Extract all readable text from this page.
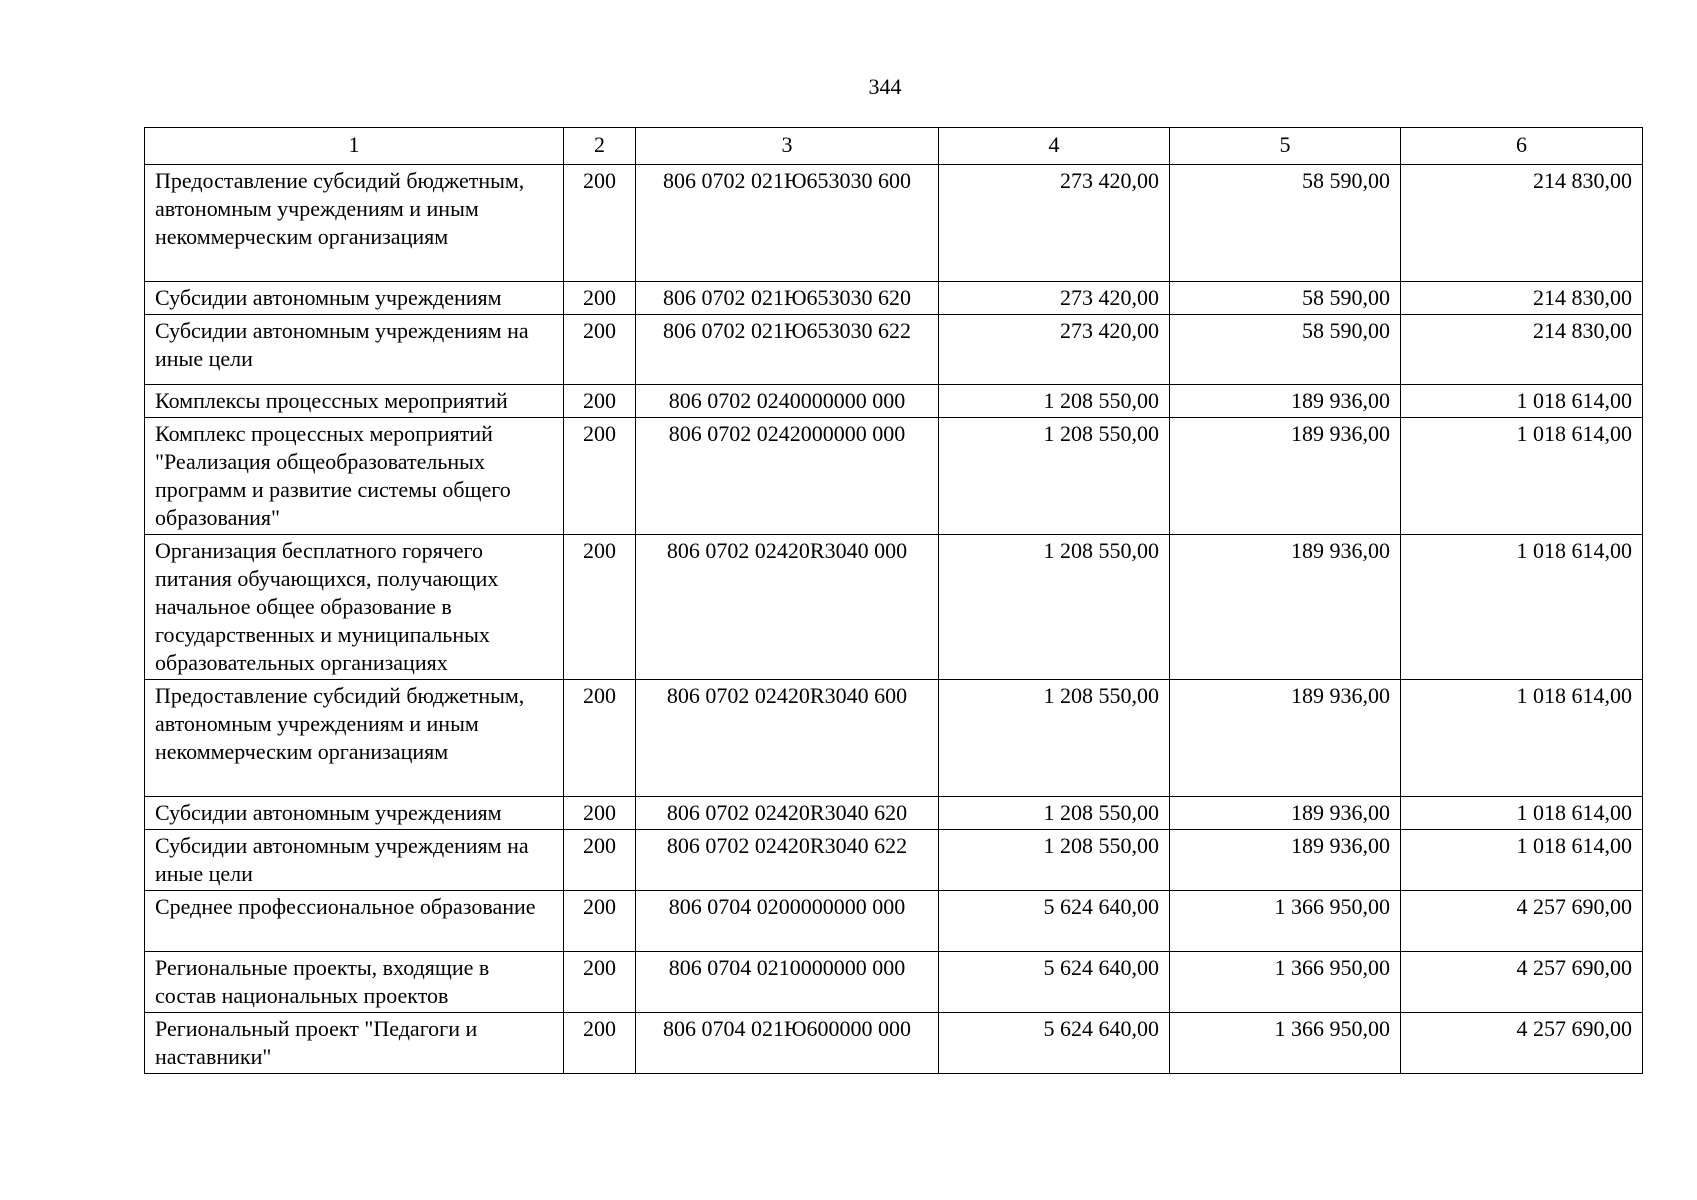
344
1	2	3	4	5	6
Предоставление субсидий бюджетным, автономным учреждениям и иным некоммерческим организациям	200	806 0702 021Ю653030 600	273 420,00	58 590,00	214 830,00
Субсидии автономным учреждениям	200	806 0702 021Ю653030 620	273 420,00	58 590,00	214 830,00
Субсидии автономным учреждениям на иные цели	200	806 0702 021Ю653030 622	273 420,00	58 590,00	214 830,00
Комплексы процессных мероприятий	200	806 0702 0240000000 000	1 208 550,00	189 936,00	1 018 614,00
Комплекс процессных мероприятий "Реализация общеобразовательных программ и развитие системы общего образования"	200	806 0702 0242000000 000	1 208 550,00	189 936,00	1 018 614,00
Организация бесплатного горячего питания обучающихся, получающих начальное общее образование в государственных и муниципальных образовательных организациях	200	806 0702 02420R3040 000	1 208 550,00	189 936,00	1 018 614,00
Предоставление субсидий бюджетным, автономным учреждениям и иным некоммерческим организациям	200	806 0702 02420R3040 600	1 208 550,00	189 936,00	1 018 614,00
Субсидии автономным учреждениям	200	806 0702 02420R3040 620	1 208 550,00	189 936,00	1 018 614,00
Субсидии автономным учреждениям на иные цели	200	806 0702 02420R3040 622	1 208 550,00	189 936,00	1 018 614,00
Среднее профессиональное образование	200	806 0704 0200000000 000	5 624 640,00	1 366 950,00	4 257 690,00
Региональные проекты, входящие в состав национальных проектов	200	806 0704 0210000000 000	5 624 640,00	1 366 950,00	4 257 690,00
Региональный проект "Педагоги и наставники"	200	806 0704 021Ю600000 000	5 624 640,00	1 366 950,00	4 257 690,00
